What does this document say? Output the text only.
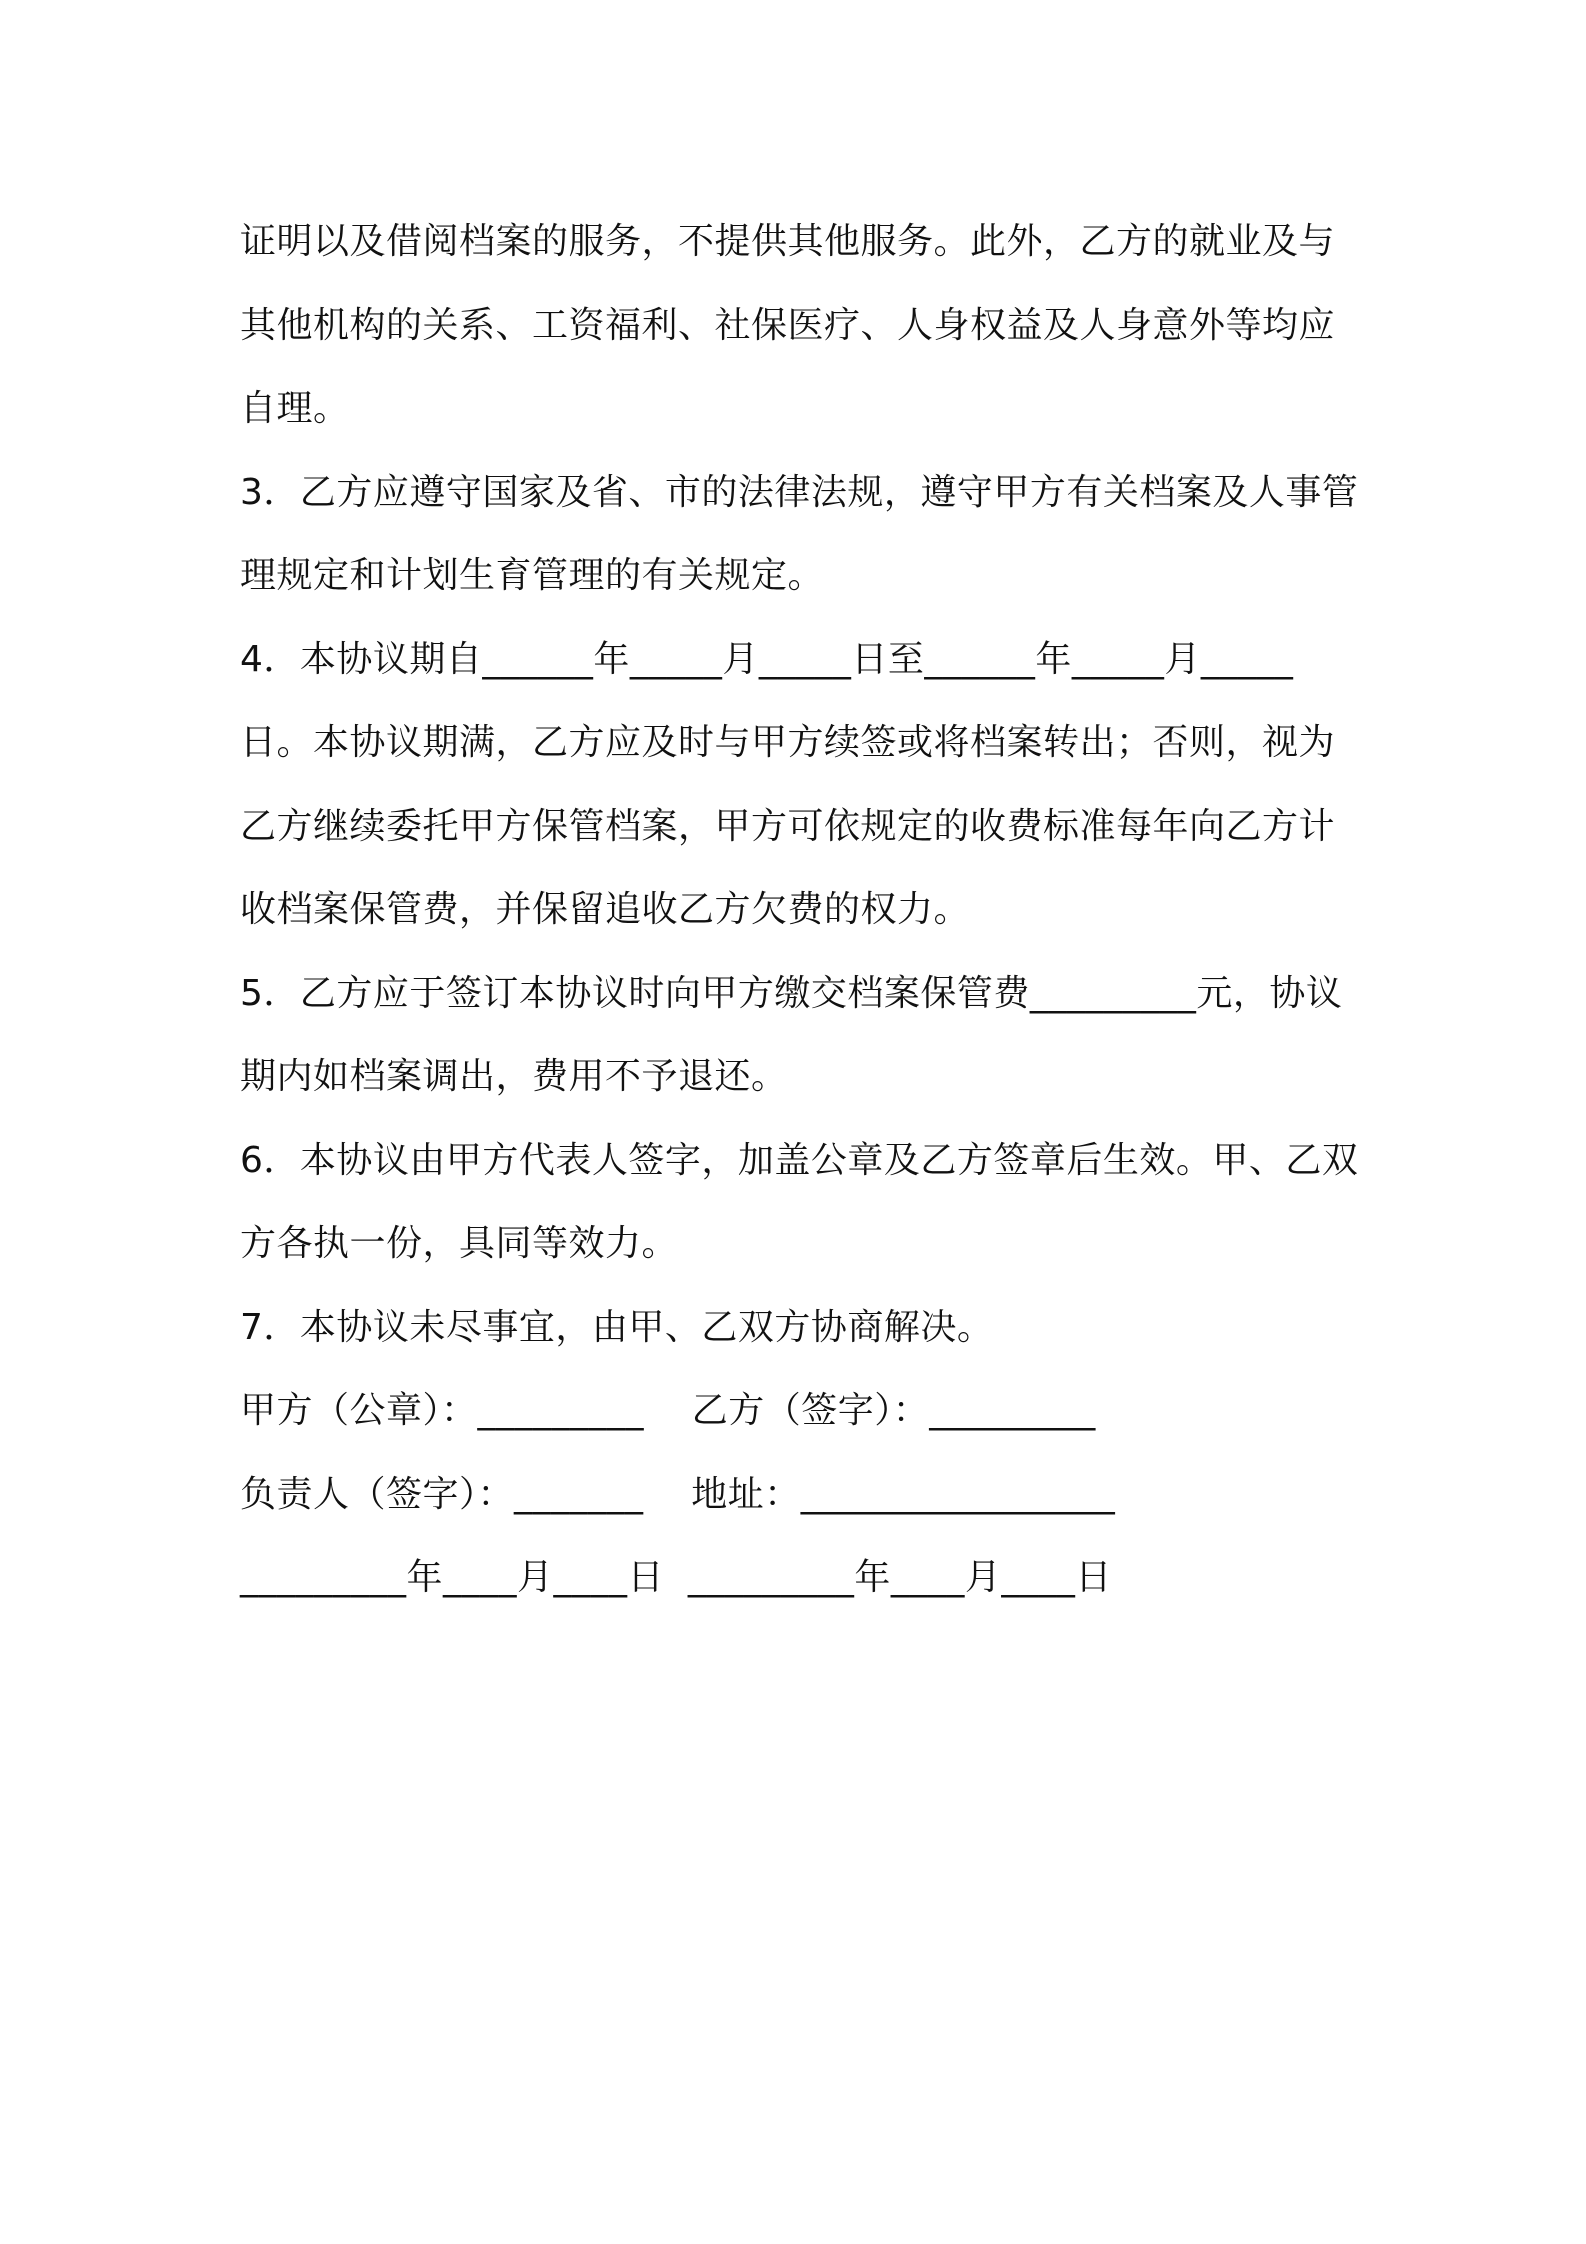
证明以及借阅档案的服务，不提供其他服务。此外，乙方的就业及与其他机构的关系、工资福利、社保医疗、人身权益及人身意外等均应自理。

3．乙方应遵守国家及省、市的法律法规，遵守甲方有关档案及人事管理规定和计划生育管理的有关规定。

4．本协议期自______年_____月_____日至______年_____月_____日。本协议期满，乙方应及时与甲方续签或将档案转出；否则，视为乙方继续委托甲方保管档案，甲方可依规定的收费标准每年向乙方计收档案保管费，并保留追收乙方欠费的权力。

5．乙方应于签订本协议时向甲方缴交档案保管费_________元，协议期内如档案调出，费用不予退还。

6．本协议由甲方代表人签字，加盖公章及乙方签章后生效。甲、乙双方各执一份，具同等效力。

7．本协议未尽事宜，由甲、乙双方协商解决。

甲方（公章）：_________    乙方（签字）：_________

负责人（签字）：_______    地址：_________________

_________年____月____日  _________年____月____日
